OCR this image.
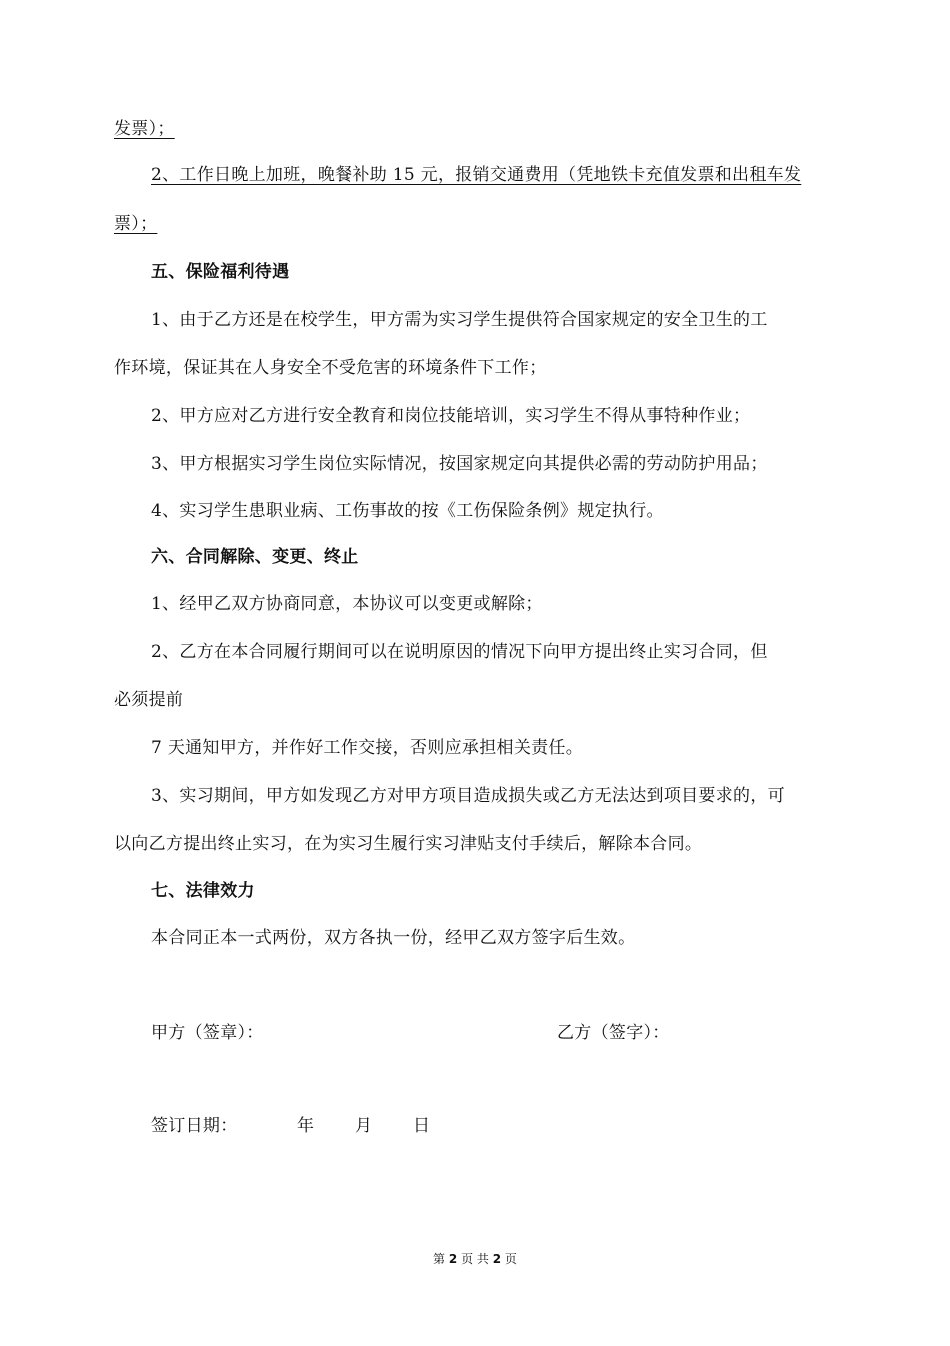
发票）；
2、工作日晚上加班，晚餐补助 15 元，报销交通费用（凭地铁卡充值发票和出租车发
票）；
五、保险福利待遇
1、由于乙方还是在校学生，甲方需为实习学生提供符合国家规定的安全卫生的工
作环境，保证其在人身安全不受危害的环境条件下工作；
2、甲方应对乙方进行安全教育和岗位技能培训，实习学生不得从事特种作业；
3、甲方根据实习学生岗位实际情况，按国家规定向其提供必需的劳动防护用品；
4、实习学生患职业病、工伤事故的按《工伤保险条例》规定执行。
六、合同解除、变更、终止
1、经甲乙双方协商同意，本协议可以变更或解除；
2、乙方在本合同履行期间可以在说明原因的情况下向甲方提出终止实习合同，但
必须提前
7 天通知甲方，并作好工作交接，否则应承担相关责任。
3、实习期间，甲方如发现乙方对甲方项目造成损失或乙方无法达到项目要求的，可
以向乙方提出终止实习，在为实习生履行实习津贴支付手续后，解除本合同。
七、法律效力
本合同正本一式两份，双方各执一份，经甲乙双方签字后生效。
甲方（签章）：	乙方（签字）：
签订日期：	年 月 日
第 2 页 共 2 页
